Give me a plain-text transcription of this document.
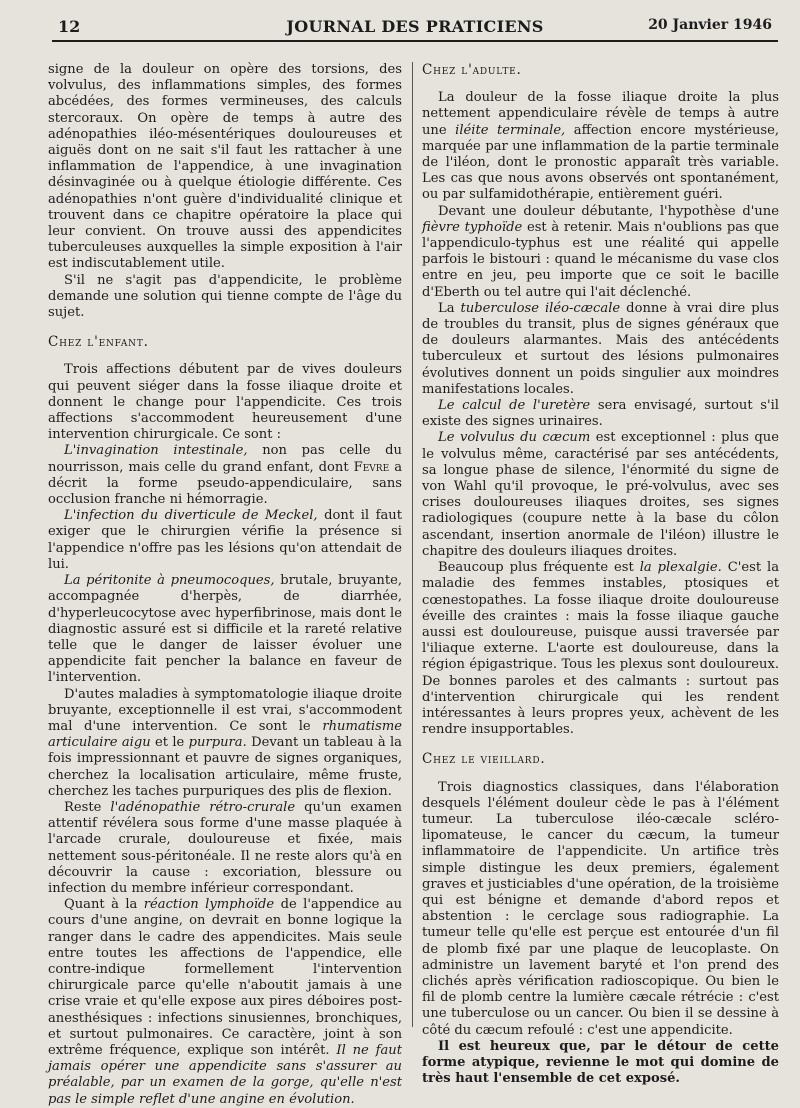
12	JOURNAL DES PRATICIENS	20 Janvier 1946

signe de la douleur on opère des torsions, des volvulus, des inflammations simples, des formes abcédées, des formes vermineuses, des calculs stercoraux. On opère de temps à autre des adénopathies iléo-mésentériques douloureuses et aiguës dont on ne sait s'il faut les rattacher à une inflammation de l'appendice, à une invagination désinvaginée ou à quelque étiologie différente. Ces adénopathies n'ont guère d'individualité clinique et trouvent dans ce chapitre opératoire la place qui leur convient. On trouve aussi des appendicites tuberculeuses auxquelles la simple exposition à l'air est indiscutablement utile.

S'il ne s'agit pas d'appendicite, le problème demande une solution qui tienne compte de l'âge du sujet.

Chez l'enfant.

Trois affections débutent par de vives douleurs qui peuvent siéger dans la fosse iliaque droite et donnent le change pour l'appendicite. Ces trois affections s'accommodent heureusement d'une intervention chirurgicale. Ce sont :

L'invagination intestinale, non pas celle du nourrisson, mais celle du grand enfant, dont Fevre a décrit la forme pseudo-appendiculaire, sans occlusion franche ni hémorragie.

L'infection du diverticule de Meckel, dont il faut exiger que le chirurgien vérifie la présence si l'appendice n'offre pas les lésions qu'on attendait de lui.

La péritonite à pneumocoques, brutale, bruyante, accompagnée d'herpès, de diarrhée, d'hyperleucocytose avec hyperfibrinose, mais dont le diagnostic assuré est si difficile et la rareté relative telle que le danger de laisser évoluer une appendicite fait pencher la balance en faveur de l'intervention.

D'autes maladies à symptomatologie iliaque droite bruyante, exceptionnelle il est vrai, s'accommodent mal d'une intervention. Ce sont le rhumatisme articulaire aigu et le purpura. Devant un tableau à la fois impressionnant et pauvre de signes organiques, cherchez la localisation articulaire, même fruste, cherchez les taches purpuriques des plis de flexion.

Reste l'adénopathie rétro-crurale qu'un examen attentif révélera sous forme d'une masse plaquée à l'arcade crurale, douloureuse et fixée, mais nettement sous-péritonéale. Il ne reste alors qu'à en découvrir la cause : excoriation, blessure ou infection du membre inférieur correspondant.

Quant à la réaction lymphoïde de l'appendice au cours d'une angine, on devrait en bonne logique la ranger dans le cadre des appendicites. Mais seule entre toutes les affections de l'appendice, elle contre-indique formellement l'intervention chirurgicale parce qu'elle n'aboutit jamais à une crise vraie et qu'elle expose aux pires déboires post-anesthésiques : infections sinusiennes, bronchiques, et surtout pulmonaires. Ce caractère, joint à son extrême fréquence, explique son intérêt. Il ne faut jamais opérer une appendicite sans s'assurer au préalable, par un examen de la gorge, qu'elle n'est pas le simple reflet d'une angine en évolution.

Chez l'adulte.

La douleur de la fosse iliaque droite la plus nettement appendiculaire révèle de temps à autre une iléite terminale, affection encore mystérieuse, marquée par une inflammation de la partie terminale de l'iléon, dont le pronostic apparaît très variable. Les cas que nous avons observés ont spontanément, ou par sulfamidothérapie, entièrement guéri.

Devant une douleur débutante, l'hypothèse d'une fièvre typhoïde est à retenir. Mais n'oublions pas que l'appendiculo-typhus est une réalité qui appelle parfois le bistouri : quand le mécanisme du vase clos entre en jeu, peu importe que ce soit le bacille d'Eberth ou tel autre qui l'ait déclenché.

La tuberculose iléo-cæcale donne à vrai dire plus de troubles du transit, plus de signes généraux que de douleurs alarmantes. Mais des antécédents tuberculeux et surtout des lésions pulmonaires évolutives donnent un poids singulier aux moindres manifestations locales.

Le calcul de l'uretère sera envisagé, surtout s'il existe des signes urinaires.

Le volvulus du cæcum est exceptionnel : plus que le volvulus même, caractérisé par ses antécédents, sa longue phase de silence, l'énormité du signe de von Wahl qu'il provoque, le pré-volvulus, avec ses crises douloureuses iliaques droites, ses signes radiologiques (coupure nette à la base du côlon ascendant, insertion anormale de l'iléon) illustre le chapitre des douleurs iliaques droites.

Beaucoup plus fréquente est la plexalgie. C'est la maladie des femmes instables, ptosiques et cœnestopathes. La fosse iliaque droite douloureuse éveille des craintes : mais la fosse iliaque gauche aussi est douloureuse, puisque aussi traversée par l'iliaque externe. L'aorte est douloureuse, dans la région épigastrique. Tous les plexus sont douloureux. De bonnes paroles et des calmants : surtout pas d'intervention chirurgicale qui les rendent intéressantes à leurs propres yeux, achèvent de les rendre insupportables.

Chez le vieillard.

Trois diagnostics classiques, dans l'élaboration desquels l'élément douleur cède le pas à l'élément tumeur. La tuberculose iléo-cæcale scléro-lipomateuse, le cancer du cæcum, la tumeur inflammatoire de l'appendicite. Un artifice très simple distingue les deux premiers, également graves et justiciables d'une opération, de la troisième qui est bénigne et demande d'abord repos et abstention : le cerclage sous radiographie. La tumeur telle qu'elle est perçue est entourée d'un fil de plomb fixé par une plaque de leucoplaste. On administre un lavement baryté et l'on prend des clichés après vérification radioscopique. Ou bien le fil de plomb centre la lumière cæcale rétrécie : c'est une tuberculose ou un cancer. Ou bien il se dessine à côté du cæcum refoulé : c'est une appendicite.

Il est heureux que, par le détour de cette forme atypique, revienne le mot qui domine de très haut l'ensemble de cet exposé.
